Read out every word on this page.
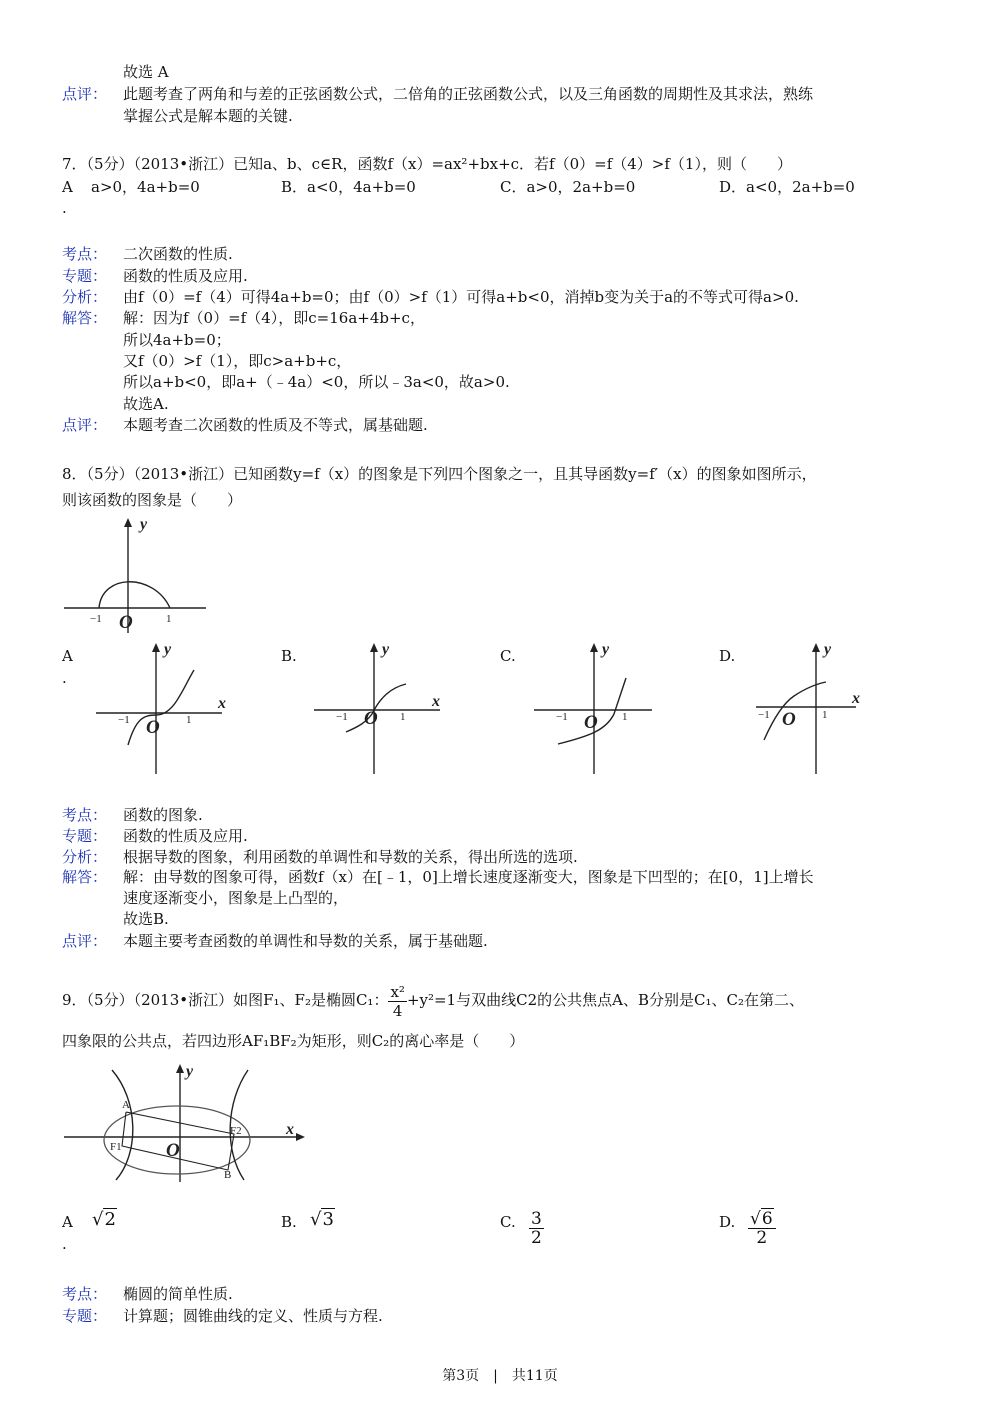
故选 A
点评： 此题考查了两角和与差的正弦函数公式，二倍角的正弦函数公式，以及三角函数的周期性及其求法，熟练
掌握公式是解本题的关键.
7．（5分）（2013•浙江）已知a、b、c∈R，函数f（x）=ax²+bx+c．若f（0）=f（4）>f（1），则（　　）
A
.
a>0，4a+b=0	B．a<0，4a+b=0	C．a>0，2a+b=0	D．a<0，2a+b=0
考点： 二次函数的性质.
专题： 函数的性质及应用.
分析： 由f（0）=f（4）可得4a+b=0；由f（0）>f（1）可得a+b<0，消掉b变为关于a的不等式可得a>0.
解答： 解：因为f（0）=f（4），即c=16a+4b+c，
所以4a+b=0；
又f（0）>f（1），即c>a+b+c，
所以a+b<0，即a+（﹣4a）<0，所以﹣3a<0，故a>0.
故选A.
点评： 本题考查二次函数的性质及不等式，属基础题.
8．（5分）（2013•浙江）已知函数y=f（x）的图象是下列四个图象之一，且其导函数y=f′（x）的图象如图所示，
则该函数的图象是（　　）
y
O
−1	1
A
.
B.	C.	D.
y
x
O
−1	1
y
x
O
−1	1
y
O
−1	1
y
x
O
−1	1
考点： 函数的图象.
专题： 函数的性质及应用.
分析： 根据导数的图象，利用函数的单调性和导数的关系，得出所选的选项.
解答： 解：由导数的图象可得，函数f（x）在[﹣1，0]上增长速度逐渐变大，图象是下凹型的；在[0，1]上增长
速度逐渐变小，图象是上凸型的，
故选B.
点评： 本题主要考查函数的单调性和导数的关系，属于基础题.
9．（5分）（2013•浙江）如图F₁、F₂是椭圆C₁： $\frac{\text{x²}}{4} +y^2=1$与双曲线C2的公共焦点A、B分别是C₁、C₂在第二、
四象限的公共点，若四边形AF₁BF₂为矩形，则C₂的离心率是（　　）
A
B
F1
F2
y
x
O
A
.
√2	B. √3	C. $\frac{3}{2}$	D. $\frac{√6}{2}$
考点： 椭圆的简单性质.
专题： 计算题；圆锥曲线的定义、性质与方程.
第3页　|　共11页
